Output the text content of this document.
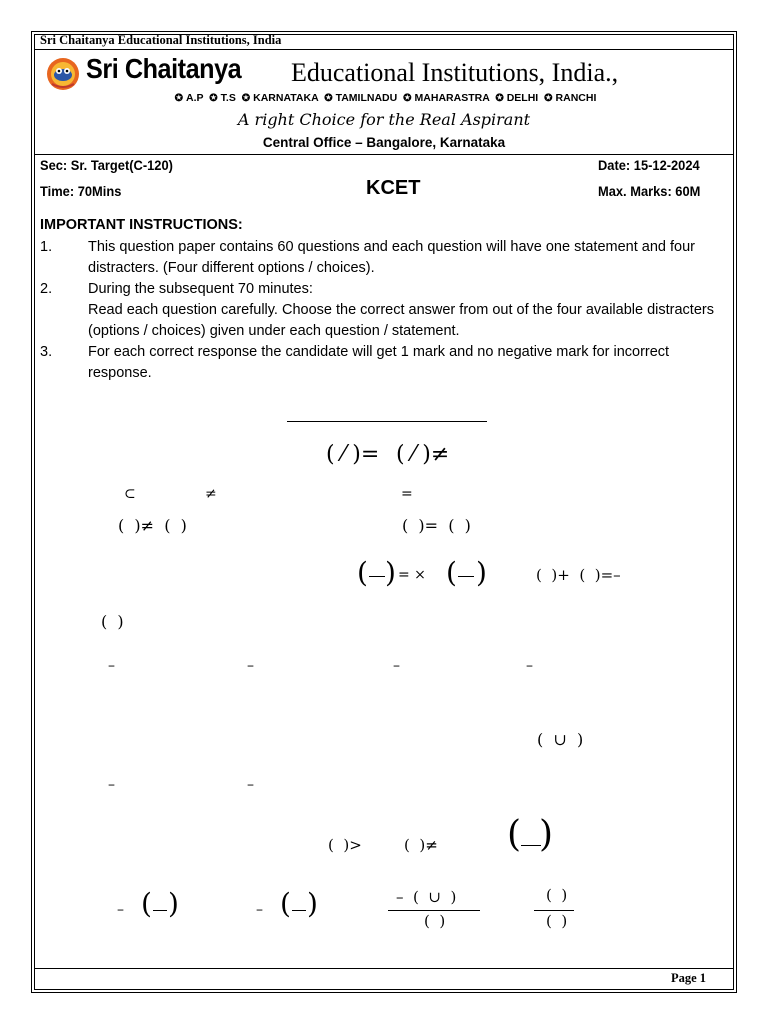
Sri Chaitanya Educational Institutions, India
Sri Chaitanya Educational Institutions, India.,
✪ A.P ✪ T.S ✪ KARNATAKA ✪ TAMILNADU ✪ MAHARASTRA ✪ DELHI ✪ RANCHI
A right Choice for the Real Aspirant
Central Office – Bangalore, Karnataka
Sec: Sr. Target(C-120)	Date: 15-12-2024
Time: 70Mins	KCET	Max. Marks: 60M
IMPORTANT INSTRUCTIONS:
1. This question paper contains 60 questions and each question will have one statement and four distracters. (Four different options / choices).
2. During the subsequent 70 minutes:
Read each question carefully. Choose the correct answer from out of the four available distracters (options / choices) given under each question / statement.
3. For each correct response the candidate will get 1 mark and no negative mark for incorrect response.
( ⁄ )= ( ⁄ )≠
⊂	≠	=
(  )≠  (  )	(  )=  (  )
( ) = × ( )	(  )+  (  )=–
(  )
–	–	–	–
(  ∪  )
–	–
(  )>	(  )≠ ( )
– ( )	– ( )	–  (  ∪  )
(  )
(  )
(  )
Page 1
